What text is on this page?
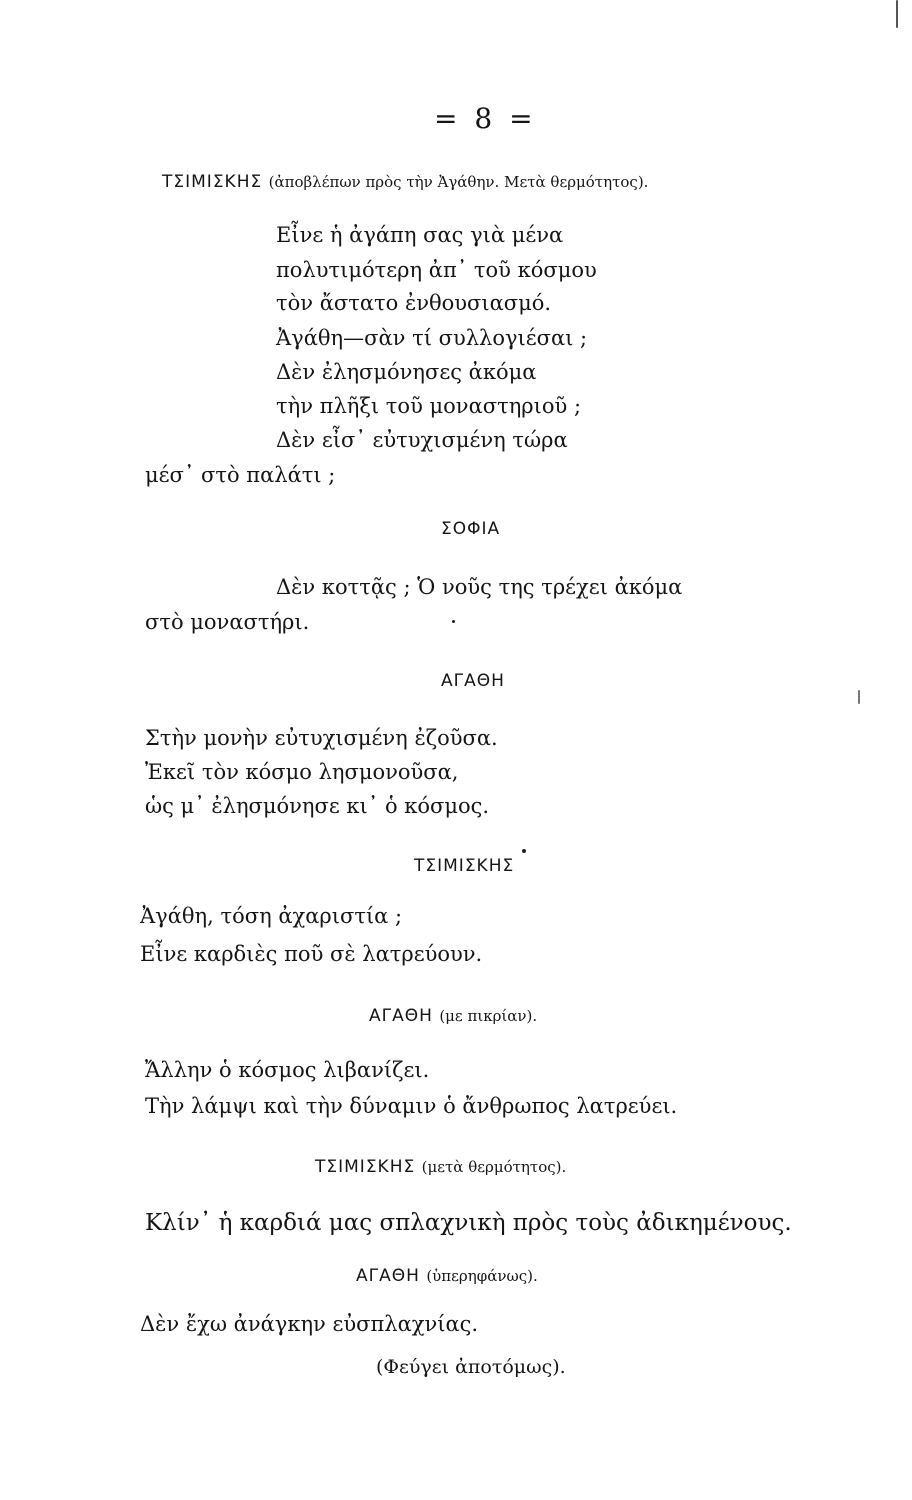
= 8 =
ΤΣΙΜΙΣΚΗΣ (ἀποβλέπων πρὸς τὴν Ἀγάθην. Μετὰ θερμότητος).
Εἶνε ἡ ἀγάπη σας γιὰ μένα
πολυτιμότερη ἀπ᾽ τοῦ κόσμου
τὸν ἄστατο ἐνθουσιασμό.
Ἀγάθη—σὰν τί συλλογιέσαι ;
Δὲν ἐλησμόνησες ἀκόμα
τὴν πλῆξι τοῦ μοναστηριοῦ ;
Δὲν εἶσ᾽ εὐτυχισμένη τώρα
μέσ᾽ στὸ παλάτι ;
ΣΟΦΙΑ
Δὲν κοττᾷς ; Ὁ νοῦς της τρέχει ἀκόμα
στὸ μοναστήρι.
ΑΓΑΘΗ
Στὴν μονὴν εὐτυχισμένη ἐζοῦσα.
Ἐκεῖ τὸν κόσμο λησμονοῦσα,
ὡς μ᾽ ἐλησμόνησε κι᾽ ὁ κόσμος.
ΤΣΙΜΙΣΚΗΣ
Ἀγάθη, τόση ἀχαριστία ;
Εἶνε καρδιὲς ποῦ σὲ λατρεύουν.
ΑΓΑΘΗ (με πικρίαν).
Ἄλλην ὁ κόσμος λιβανίζει.
Τὴν λάμψι καὶ τὴν δύναμιν ὁ ἄνθρωπος λατρεύει.
ΤΣΙΜΙΣΚΗΣ (μετὰ θερμότητος).
Κλίν᾽ ἡ καρδιά μας σπλαχνικὴ πρὸς τοὺς ἀδικημένους.
ΑΓΑΘΗ (ὑπερηφάνως).
Δὲν ἔχω ἀνάγκην εὐσπλαχνίας.
(Φεύγει ἀποτόμως).
